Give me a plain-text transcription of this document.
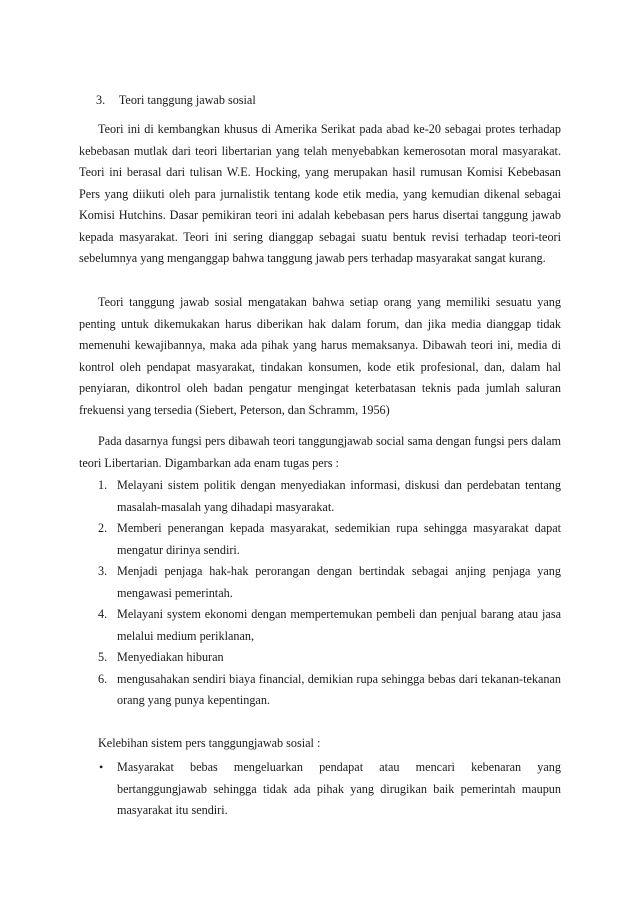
3. Teori tanggung jawab sosial

Teori ini di kembangkan khusus di Amerika Serikat pada abad ke-20 sebagai protes terhadap kebebasan mutlak dari teori libertarian yang telah menyebabkan kemerosotan moral masyarakat. Teori ini berasal dari tulisan W.E. Hocking, yang merupakan hasil rumusan Komisi Kebebasan Pers yang diikuti oleh para jurnalistik tentang kode etik media, yang kemudian dikenal sebagai Komisi Hutchins. Dasar pemikiran teori ini adalah kebebasan pers harus disertai tanggung jawab kepada masyarakat. Teori ini sering dianggap sebagai suatu bentuk revisi terhadap teori-teori sebelumnya yang menganggap bahwa tanggung jawab pers terhadap masyarakat sangat kurang.

Teori tanggung jawab sosial mengatakan bahwa setiap orang yang memiliki sesuatu yang penting untuk dikemukakan harus diberikan hak dalam forum, dan jika media dianggap tidak memenuhi kewajibannya, maka ada pihak yang harus memaksanya. Dibawah teori ini, media di kontrol oleh pendapat masyarakat, tindakan konsumen, kode etik profesional, dan, dalam hal penyiaran, dikontrol oleh badan pengatur mengingat keterbatasan teknis pada jumlah saluran frekuensi yang tersedia (Siebert, Peterson, dan Schramm, 1956)

Pada dasarnya fungsi pers dibawah teori tanggungjawab social sama dengan fungsi pers dalam teori Libertarian. Digambarkan ada enam tugas pers :

1. Melayani sistem politik dengan menyediakan informasi, diskusi dan perdebatan tentang masalah-masalah yang dihadapi masyarakat.
2. Memberi penerangan kepada masyarakat, sedemikian rupa sehingga masyarakat dapat mengatur dirinya sendiri.
3. Menjadi penjaga hak-hak perorangan dengan bertindak sebagai anjing penjaga yang mengawasi pemerintah.
4. Melayani system ekonomi dengan mempertemukan pembeli dan penjual barang atau jasa melalui medium periklanan,
5. Menyediakan hiburan
6. mengusahakan sendiri biaya financial, demikian rupa sehingga bebas dari tekanan-tekanan orang yang punya kepentingan.
Kelebihan sistem pers tanggungjawab sosial :
• Masyarakat bebas mengeluarkan pendapat atau mencari kebenaran yang bertanggungjawab sehingga tidak ada pihak yang dirugikan baik pemerintah maupun masyarakat itu sendiri.
